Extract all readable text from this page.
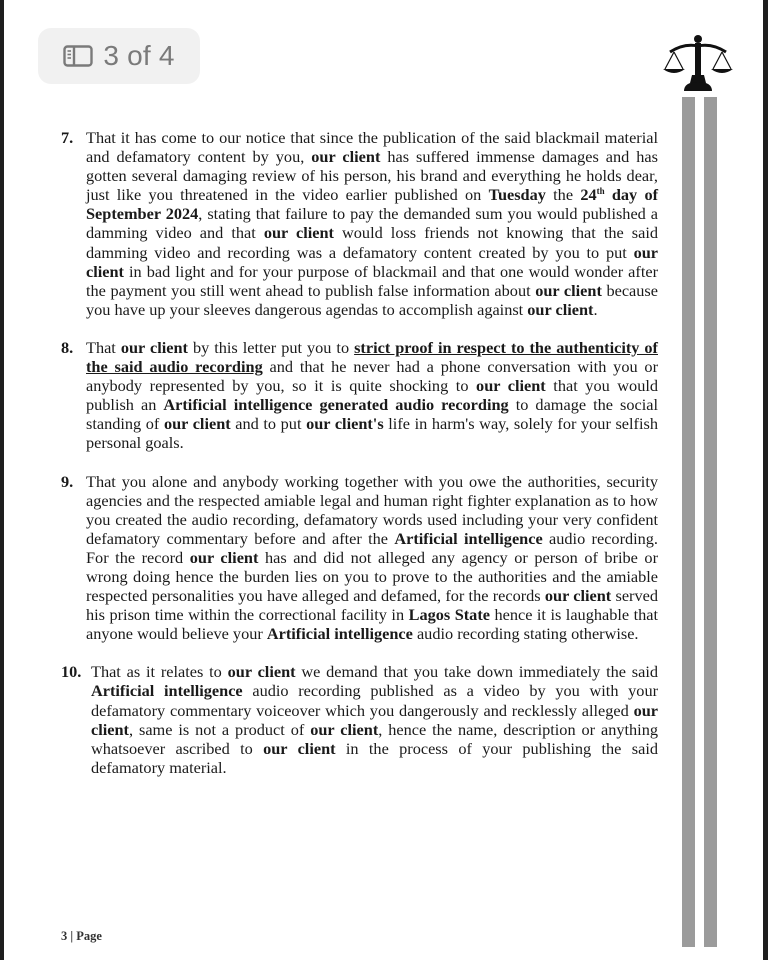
3 of 4
7. That it has come to our notice that since the publication of the said blackmail material and defamatory content by you, our client has suffered immense damages and has gotten several damaging review of his person, his brand and everything he holds dear, just like you threatened in the video earlier published on Tuesday the 24th day of September 2024, stating that failure to pay the demanded sum you would published a damming video and that our client would loss friends not knowing that the said damming video and recording was a defamatory content created by you to put our client in bad light and for your purpose of blackmail and that one would wonder after the payment you still went ahead to publish false information about our client because you have up your sleeves dangerous agendas to accomplish against our client.
8. That our client by this letter put you to strict proof in respect to the authenticity of the said audio recording and that he never had a phone conversation with you or anybody represented by you, so it is quite shocking to our client that you would publish an Artificial intelligence generated audio recording to damage the social standing of our client and to put our client's life in harm's way, solely for your selfish personal goals.
9. That you alone and anybody working together with you owe the authorities, security agencies and the respected amiable legal and human right fighter explanation as to how you created the audio recording, defamatory words used including your very confident defamatory commentary before and after the Artificial intelligence audio recording. For the record our client has and did not alleged any agency or person of bribe or wrong doing hence the burden lies on you to prove to the authorities and the amiable respected personalities you have alleged and defamed, for the records our client served his prison time within the correctional facility in Lagos State hence it is laughable that anyone would believe your Artificial intelligence audio recording stating otherwise.
10. That as it relates to our client we demand that you take down immediately the said Artificial intelligence audio recording published as a video by you with your defamatory commentary voiceover which you dangerously and recklessly alleged our client, same is not a product of our client, hence the name, description or anything whatsoever ascribed to our client in the process of your publishing the said defamatory material.
3 | Page
